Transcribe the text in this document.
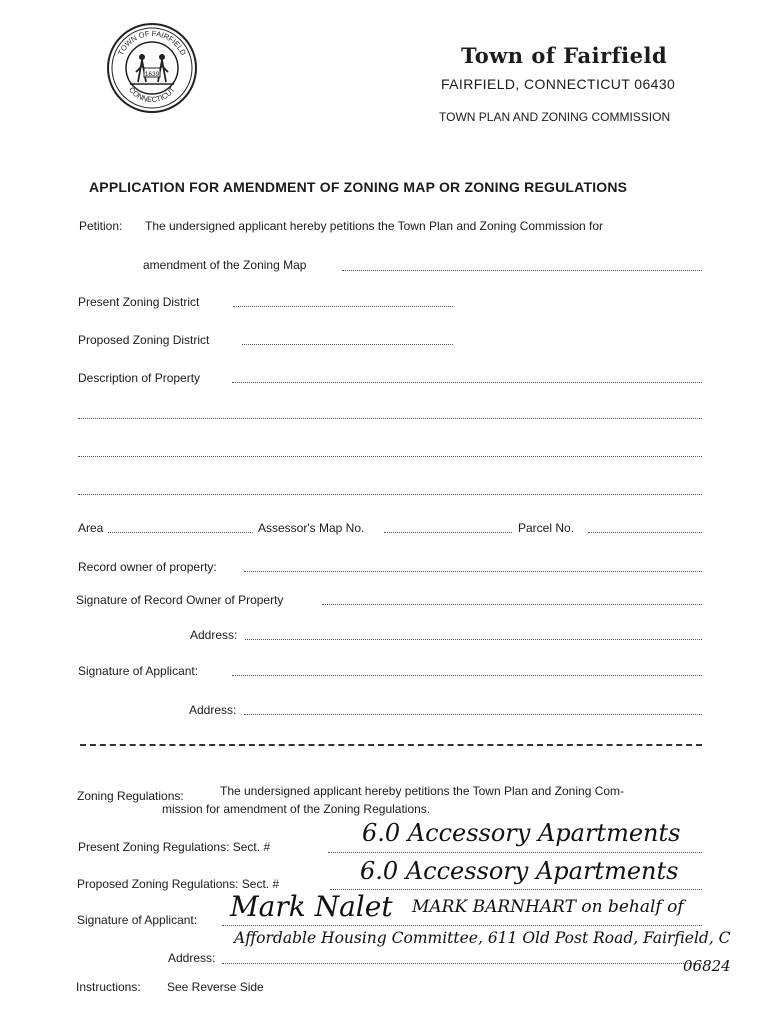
TOWN OF FAIRFIELD
CONNECTICUT
1639
Town of Fairfield
FAIRFIELD, CONNECTICUT 06430
TOWN PLAN AND ZONING COMMISSION
APPLICATION FOR AMENDMENT OF ZONING MAP OR ZONING REGULATIONS
Petition: The undersigned applicant hereby petitions the Town Plan and Zoning Commission for
amendment of the Zoning Map
Present Zoning District
Proposed Zoning District
Description of Property
Area	Assessor's Map No.	Parcel No.
Record owner of property:
Signature of Record Owner of Property
Address:
Signature of Applicant:
Address:
Zoning Regulations:	The undersigned applicant hereby petitions the Town Plan and Zoning Com-
mission for amendment of the Zoning Regulations.
Present Zoning Regulations: Sect. #	6.0 Accessory Apartments
Proposed Zoning Regulations: Sect. #	6.0 Accessory Apartments
Signature of Applicant: Mark Nalet MARK BARNHART on behalf of
Address:
Affordable Housing Committee, 611 Old Post Road, Fairfield, C
06824
Instructions: See Reverse Side
